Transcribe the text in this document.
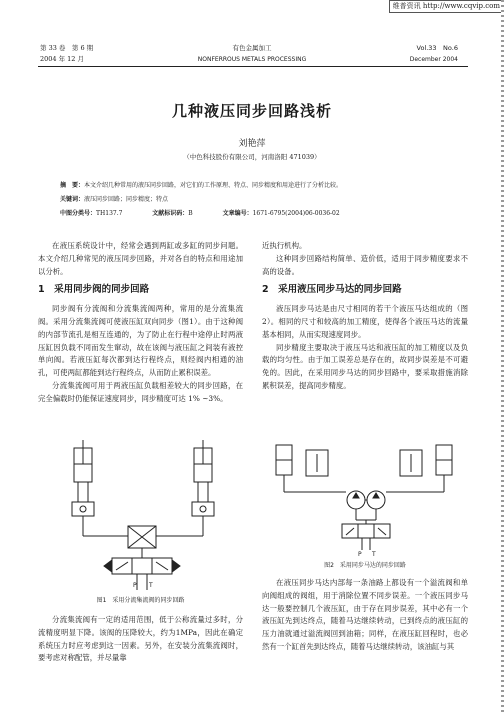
维普资讯 http://www.cqvip.com
第 33 卷　第 6 期
2004 年 12 月
有色金属加工
NONFERROUS METALS PROCESSING
Vol.33　No.6
December 2004
几种液压同步回路浅析
刘艳萍
（中色科技股份有限公司，河南洛阳 471039）
摘　要：本文介绍几种常用的液压同步回路，对它们的工作原理、特点、同步精度和用途进行了分析比较。
关键词：液压同步回路；同步精度；特点
中图分类号：TH137.7	文献标识码：B	文章编号：1671-6795(2004)06-0036-02

在液压系统设计中，经常会遇到两缸或多缸的同步问题。本文介绍几种常见的液压同步回路，并对各自的特点和用途加以分析。

1　采用同步阀的同步回路

同步阀有分流阀和分流集流阀两种，常用的是分流集流阀。采用分流集流阀可使液压缸双向同步（图1）。由于这种阀的内部节流孔是相互连通的，为了防止在行程中途停止时两液压缸因负载不同而发生窜动，故在该阀与液压缸之间装有液控单向阀。若液压缸每次都到达行程终点，则经阀内相通的油孔，可使两缸都能到达行程终点，从而防止累积误差。

分流集流阀可用于两液压缸负载相差较大的同步回路，在完全偏载时仍能保证速度同步，同步精度可达 1% ~3%。

P T
图1　采用分流集流阀的同步回路

分流集流阀有一定的适用范围，低于公称流量过多时，分流精度明显下降。该阀的压降较大，约为1MPa，因此在确定系统压力时应考虑到这一因素。另外，在安装分流集流阀时，要考虑对称配管，并尽量靠

近执行机构。

这种同步回路结构简单、造价低，适用于同步精度要求不高的设备。

2　采用液压同步马达的同步回路

液压同步马达是由尺寸相同的若干个液压马达组成的（图2）。相同的尺寸和较高的加工精度，使得各个液压马达的流量基本相同，从而实现速度同步。

同步精度主要取决于液压马达和液压缸的加工精度以及负载的均匀性。由于加工误差总是存在的，故同步误差是不可避免的。因此，在采用同步马达的同步回路中，要采取措施消除累积误差，提高同步精度。

P T
图2　采用同步马达的同步回路

在液压同步马达内部每一条油路上都设有一个溢流阀和单向阀组成的阀组，用于消除位置不同步误差。一个液压同步马达一般要控制几个液压缸，由于存在同步误差，其中必有一个液压缸先到达终点，随着马达继续转动，已到终点的液压缸的压力油就通过溢流阀回到油箱；同样，在液压缸回程时，也必然有一个缸首先到达终点，随着马达继续转动，该油缸与其
